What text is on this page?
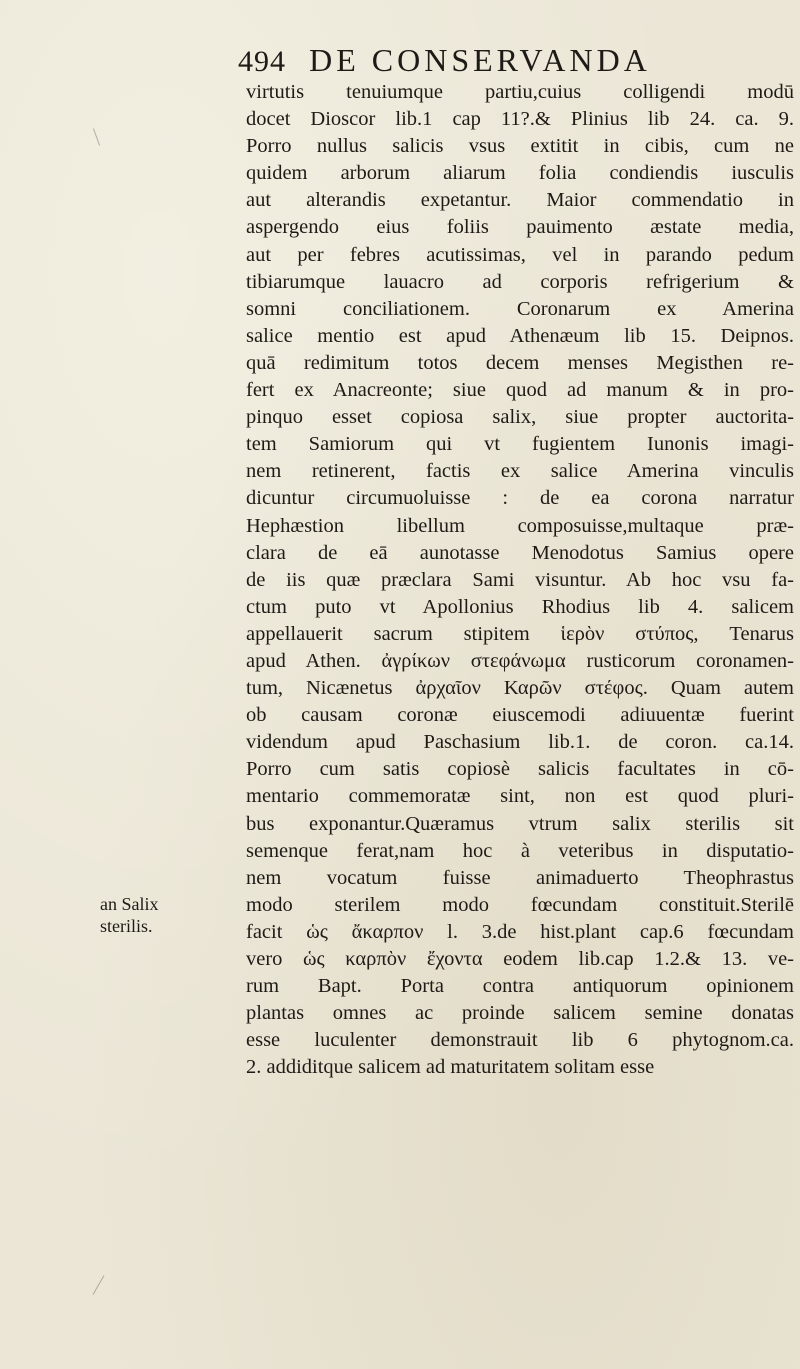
494 DE CONSERVANDA
virtutis tenuiumque partiu,cuius colligendi modū
docet Dioscor lib.1 cap 11?.& Plinius lib 24. ca. 9.
Porro nullus salicis vsus extitit in cibis, cum ne
quidem arborum aliarum folia condiendis iusculis
aut alterandis expetantur. Maior commendatio in
aspergendo eius foliis pauimento æstate media,
aut per febres acutissimas, vel in parando pedum
tibiarumque lauacro ad corporis refrigerium &
somni conciliationem. Coronarum ex Amerina
salice mentio est apud Athenæum lib 15. Deipnos.
quā redimitum totos decem menses Megisthen re-
fert ex Anacreonte; siue quod ad manum & in pro-
pinquo esset copiosa salix, siue propter auctorita-
tem Samiorum qui vt fugientem Iunonis imagi-
nem retinerent, factis ex salice Amerina vinculis
dicuntur circumuoluisse : de ea corona narratur
Hephæstion libellum composuisse,multaque præ-
clara de eā aunotasse Menodotus Samius opere
de iis quæ præclara Sami visuntur. Ab hoc vsu fa-
ctum puto vt Apollonius Rhodius lib 4. salicem
appellauerit sacrum stipitem ἱερὸν στύπος, Tenarus
apud Athen. ἀγρίκων στεφάνωμα rusticorum coronamen-
tum, Nicænetus ἀρχαῖον Καρῶν στέφος. Quam autem
ob causam coronæ eiuscemodi adiuuentæ fuerint
videndum apud Paschasium lib.1. de coron. ca.14.
Porro cum satis copiosè salicis facultates in cō-
mentario commemoratæ sint, non est quod pluri-
bus exponantur.Quæramus vtrum salix sterilis sit
semenque ferat,nam hoc à veteribus in disputatio-
nem vocatum fuisse animaduerto Theophrastus
modo sterilem modo fœcundam constituit.Sterilē
facit ὡς ἄκαρπον l. 3.de hist.plant cap.6 fœcundam
vero ὡς καρπὸν ἔχοντα eodem lib.cap 1.2.& 13. ve-
rum Bapt. Porta contra antiquorum opinionem
plantas omnes ac proinde salicem semine donatas
esse luculenter demonstrauit lib 6 phytognom.ca.
2. addiditque salicem ad maturitatem solitam esse
an Salix
sterilis.
